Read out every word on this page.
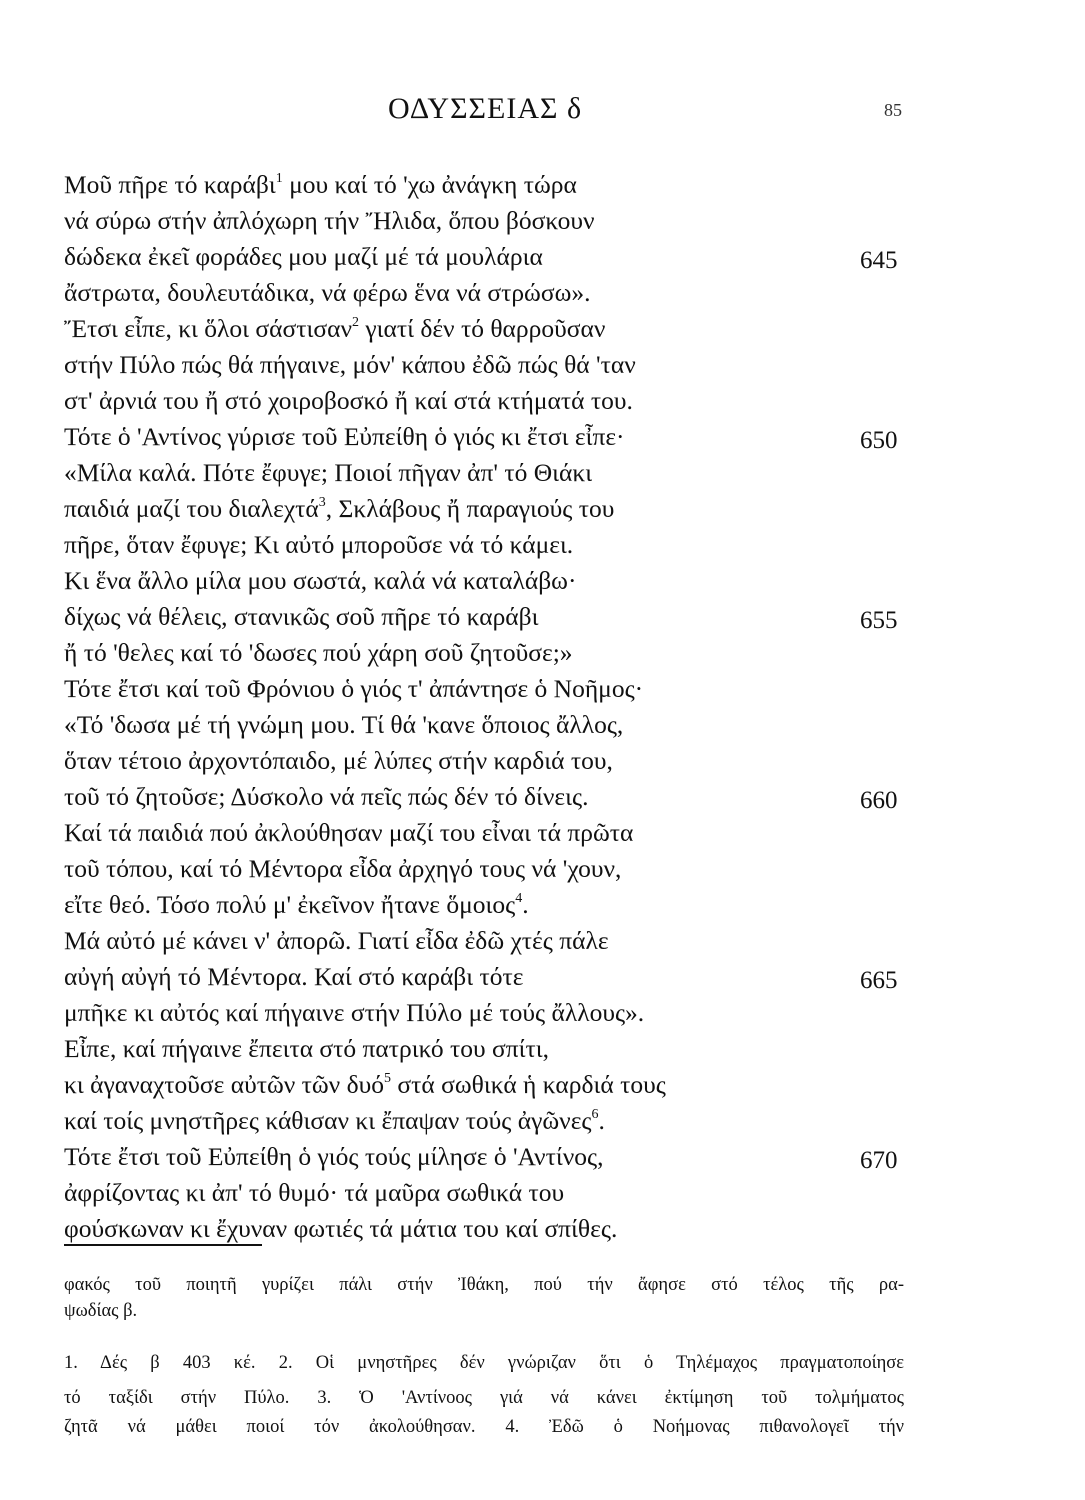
ΟΔΥΣΣΕΙΑΣ δ	85
Μοῦ πῆρε τό καράβι$^1$ μου καί τό 'χω ἀνάγκη τώρα
νά σύρω στήν ἀπλόχωρη τήν Ἤλιδα, ὅπου βόσκουν
δώδεκα ἐκεῖ φοράδες μου μαζί μέ τά μουλάρια
ἄστρωτα, δουλευτάδικα, νά φέρω ἕνα νά στρώσω».
Ἔτσι εἶπε, κι ὅλοι σάστισαν$^2$ γιατί δέν τό θαρροῦσαν
στήν Πύλο πώς θά πήγαινε, μόν' κάπου ἐδῶ πώς θά 'ταν
στ' ἀρνιά του ἤ στό χοιροβοσκό ἤ καί στά κτήματά του.
Τότε ὁ 'Αντίνος γύρισε τοῦ Εὐπείθη ὁ γιός κι ἔτσι εἶπε·
«Μίλα καλά. Πότε ἔφυγε; Ποιοί πῆγαν ἀπ' τό Θιάκι
παιδιά μαζί του διαλεχτά$^3$, Σκλάβους ἤ παραγιούς του
πῆρε, ὅταν ἔφυγε; Κι αὐτό μποροῦσε νά τό κάμει.
Κι ἕνα ἄλλο μίλα μου σωστά, καλά νά καταλάβω·
δίχως νά θέλεις, στανικῶς σοῦ πῆρε τό καράβι
ἤ τό 'θελες καί τό 'δωσες πού χάρη σοῦ ζητοῦσε;»
Τότε ἔτσι καί τοῦ Φρόνιου ὁ γιός τ' ἀπάντησε ὁ Νοῆμος·
«Τό 'δωσα μέ τή γνώμη μου. Τί θά 'κανε ὅποιος ἄλλος,
ὅταν τέτοιο ἀρχοντόπαιδο, μέ λύπες στήν καρδιά του,
τοῦ τό ζητοῦσε; Δύσκολο νά πεῖς πώς δέν τό δίνεις.
Καί τά παιδιά πού ἀκλούθησαν μαζί του εἶναι τά πρῶτα
τοῦ τόπου, καί τό Μέντορα εἶδα ἀρχηγό τους νά 'χουν,
εἴτε θεό. Τόσο πολύ μ' ἐκεῖνον ἤτανε ὅμοιος$^4$.
Μά αὐτό μέ κάνει ν' ἀπορῶ. Γιατί εἶδα ἐδῶ χτές πάλε
αὐγή αὐγή τό Μέντορα. Καί στό καράβι τότε
μπῆκε κι αὐτός καί πήγαινε στήν Πύλο μέ τούς ἄλλους».
Εἶπε, καί πήγαινε ἔπειτα στό πατρικό του σπίτι,
κι ἀγαναχτοῦσε αὐτῶν τῶν δυό$^5$ στά σωθικά ἡ καρδιά τους
καί τοίς μνηστῆρες κάθισαν κι ἔπαψαν τούς ἀγῶνες$^6$.
Τότε ἔτσι τοῦ Εὐπείθη ὁ γιός τούς μίλησε ὁ 'Αντίνος,
ἀφρίζοντας κι ἀπ' τό θυμό· τά μαῦρα σωθικά του
φούσκωναν κι ἔχυναν φωτιές τά μάτια του καί σπίθες.
645
650
655
660
665
670
φακός τοῦ ποιητῆ γυρίζει πάλι στήν Ἰθάκη, πού τήν ἄφησε στό τέλος τῆς ρα-
ψωδίας β.
1. Δές β 403 κέ. 2. Οἱ μνηστῆρες δέν γνώριζαν ὅτι ὁ Τηλέμαχος πραγματοποίησε
τό ταξίδι στήν Πύλο. 3. Ὁ 'Αντίνοος γιά νά κάνει ἐκτίμηση τοῦ τολμήματος
ζητᾶ νά μάθει ποιοί τόν ἀκολούθησαν. 4. Ἐδῶ ὁ Νοήμονας πιθανολογεῖ τήν
